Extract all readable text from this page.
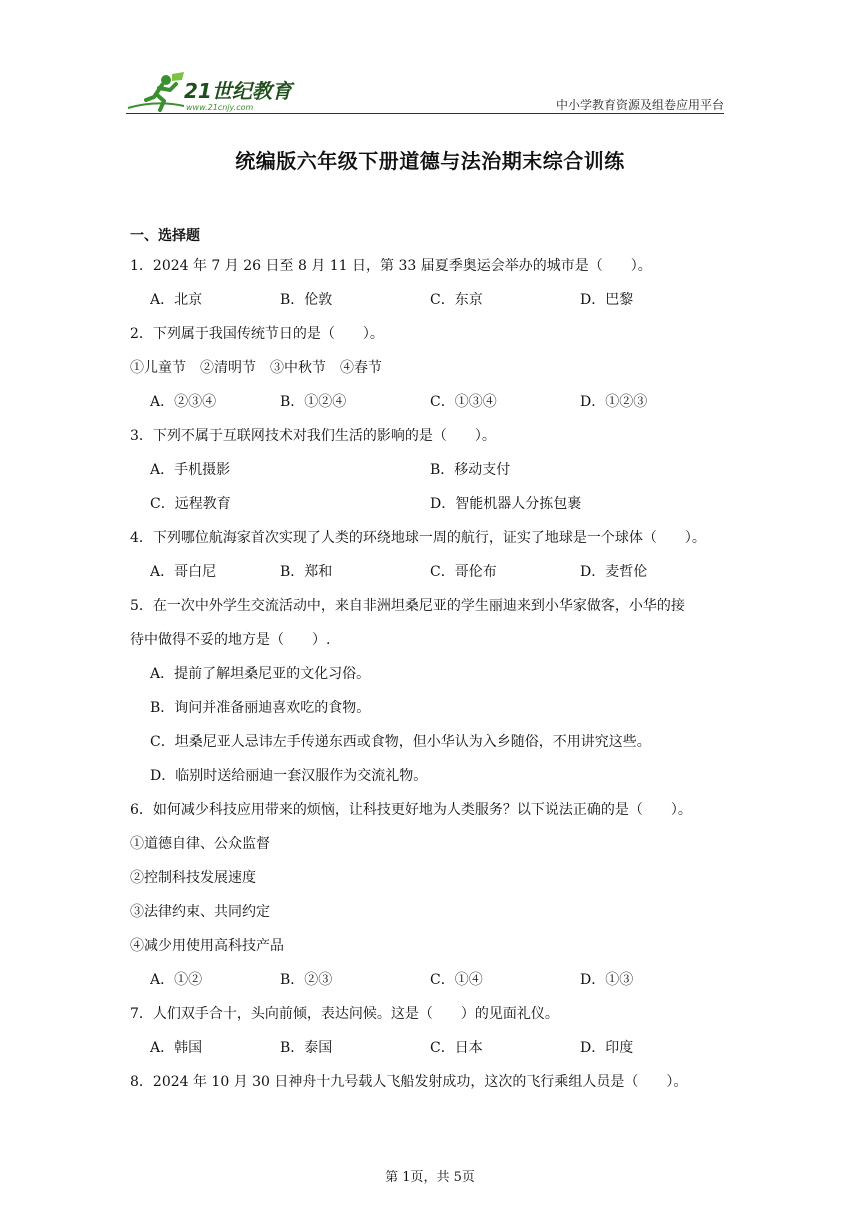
21世纪教育
www.21cnjy.com	中小学教育资源及组卷应用平台
统编版六年级下册道德与法治期末综合训练
一、选择题
1．2024 年 7 月 26 日至 8 月 11 日，第 33 届夏季奥运会举办的城市是（　　）。
A．北京	B．伦敦	C．东京	D．巴黎
2．下列属于我国传统节日的是（　　）。
①儿童节　②清明节　③中秋节　④春节
A．②③④	B．①②④	C．①③④	D．①②③
3．下列不属于互联网技术对我们生活的影响的是（　　）。
A．手机摄影	B．移动支付
C．远程教育	D．智能机器人分拣包裹
4．下列哪位航海家首次实现了人类的环绕地球一周的航行，证实了地球是一个球体（　　）。
A．哥白尼	B．郑和	C．哥伦布	D．麦哲伦
5．在一次中外学生交流活动中，来自非洲坦桑尼亚的学生丽迪来到小华家做客，小华的接
待中做得不妥的地方是（　　）.
A．提前了解坦桑尼亚的文化习俗。
B．询问并准备丽迪喜欢吃的食物。
C．坦桑尼亚人忌讳左手传递东西或食物，但小华认为入乡随俗，不用讲究这些。
D．临别时送给丽迪一套汉服作为交流礼物。
6．如何减少科技应用带来的烦恼，让科技更好地为人类服务？以下说法正确的是（　　）。
①道德自律、公众监督
②控制科技发展速度
③法律约束、共同约定
④减少用使用高科技产品
A．①②	B．②③	C．①④	D．①③
7．人们双手合十，头向前倾，表达问候。这是（　　）的见面礼仪。
A．韩国	B．泰国	C．日本	D．印度
8．2024 年 10 月 30 日神舟十九号载人飞船发射成功，这次的飞行乘组人员是（　　）。
第 1页，共 5页
